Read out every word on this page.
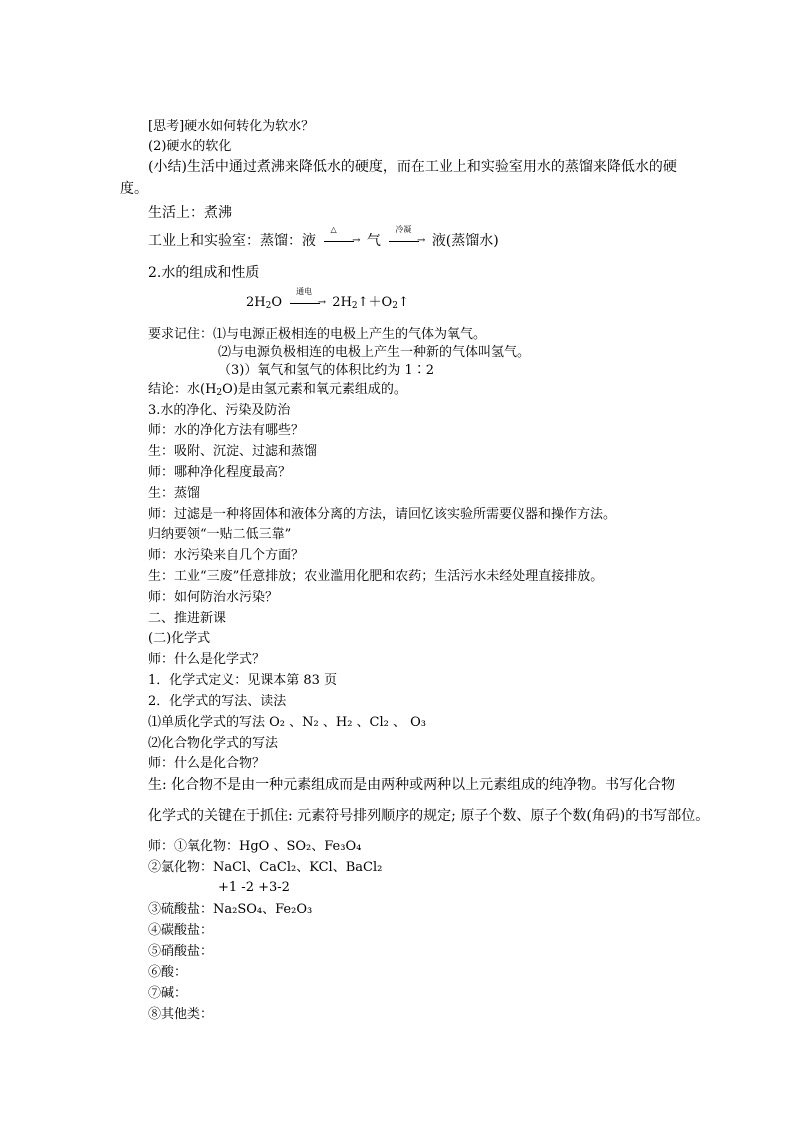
[思考]硬水如何转化为软水？
(2)硬水的软化
(小结)生活中通过煮沸来降低水的硬度，而在工业上和实验室用水的蒸馏来降低水的硬
度。
生活上：煮沸
工业上和实验室：蒸馏：液
△
→ 气
冷凝
→ 液(蒸馏水)
2.水的组成和性质
$2H_2O$
通电
→ $2H_2↑+O_2↑$
要求记住：⑴与电源正极相连的电极上产生的气体为氧气。
⑵与电源负极相连的电极上产生一种新的气体叫氢气。
（3)）氧气和氢气的体积比约为 1∶2
结论：水$(H_2O)$是由氢元素和氧元素组成的。
3.水的净化、污染及防治
师：水的净化方法有哪些？
生：吸附、沉淀、过滤和蒸馏
师：哪种净化程度最高？
生：蒸馏
师：过滤是一种将固体和液体分离的方法，请回忆该实验所需要仪器和操作方法。
归纳要领“一贴二低三靠”
师：水污染来自几个方面？
生：工业“三废”任意排放；农业滥用化肥和农药；生活污水未经处理直接排放。
师：如何防治水污染？
二、推进新课
(二)化学式
师：什么是化学式？
1．化学式定义：见课本第 83 页
2．化学式的写法、读法
⑴单质化学式的写法 O₂ 、N₂ 、H₂ 、Cl₂ 、 O₃
⑵化合物化学式的写法
师：什么是化合物？
生: 化合物不是由一种元素组成而是由两种或两种以上元素组成的纯净物。书写化合物
化学式的关键在于抓住: 元素符号排列顺序的规定; 原子个数、原子个数(角码)的书写部位。
师：①氧化物：HgO 、SO₂、Fe₃O₄
②氯化物：NaCl、CaCl₂、KCl、BaCl₂
+1 -2 +3-2
③硫酸盐：Na₂SO₄、Fe₂O₃
④碳酸盐：
⑤硝酸盐：
⑥酸：
⑦碱：
⑧其他类：
